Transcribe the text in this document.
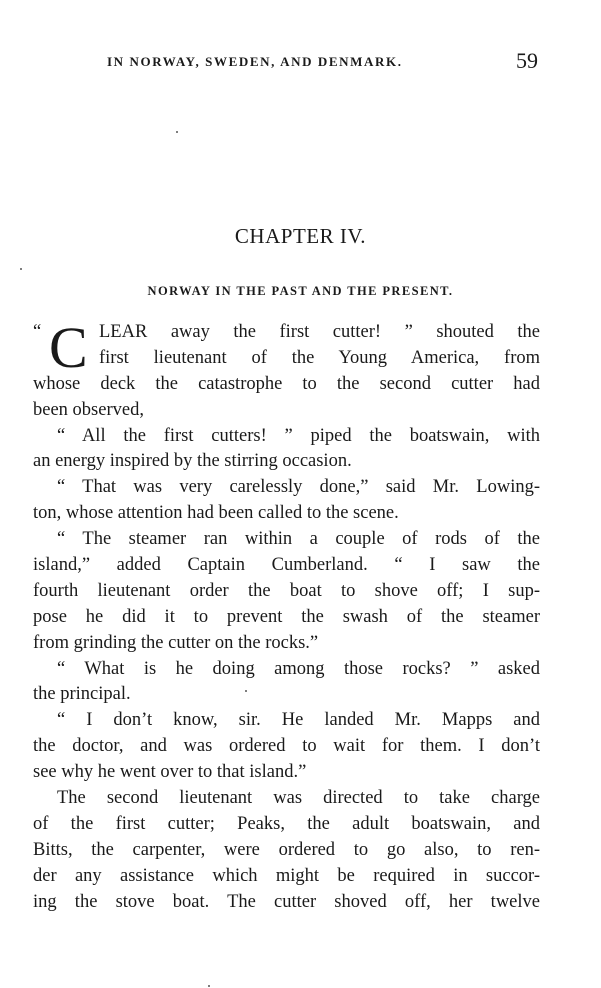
IN NORWAY, SWEDEN, AND DENMARK.	59
CHAPTER IV.
NORWAY IN THE PAST AND THE PRESENT.
“ C LEAR away the first cutter! ” shouted the
first lieutenant of the Young America, from
whose deck the catastrophe to the second cutter had
been observed,
“ All the first cutters! ” piped the boatswain, with
an energy inspired by the stirring occasion.
“ That was very carelessly done,” said Mr. Lowing-
ton, whose attention had been called to the scene.
“ The steamer ran within a couple of rods of the
island,” added Captain Cumberland. “ I saw the
fourth lieutenant order the boat to shove off; I sup-
pose he did it to prevent the swash of the steamer
from grinding the cutter on the rocks.”
“ What is he doing among those rocks? ” asked
the principal.
“ I don’t know, sir. He landed Mr. Mapps and
the doctor, and was ordered to wait for them. I don’t
see why he went over to that island.”
The second lieutenant was directed to take charge
of the first cutter; Peaks, the adult boatswain, and
Bitts, the carpenter, were ordered to go also, to ren-
der any assistance which might be required in succor-
ing the stove boat. The cutter shoved off, her twelve
